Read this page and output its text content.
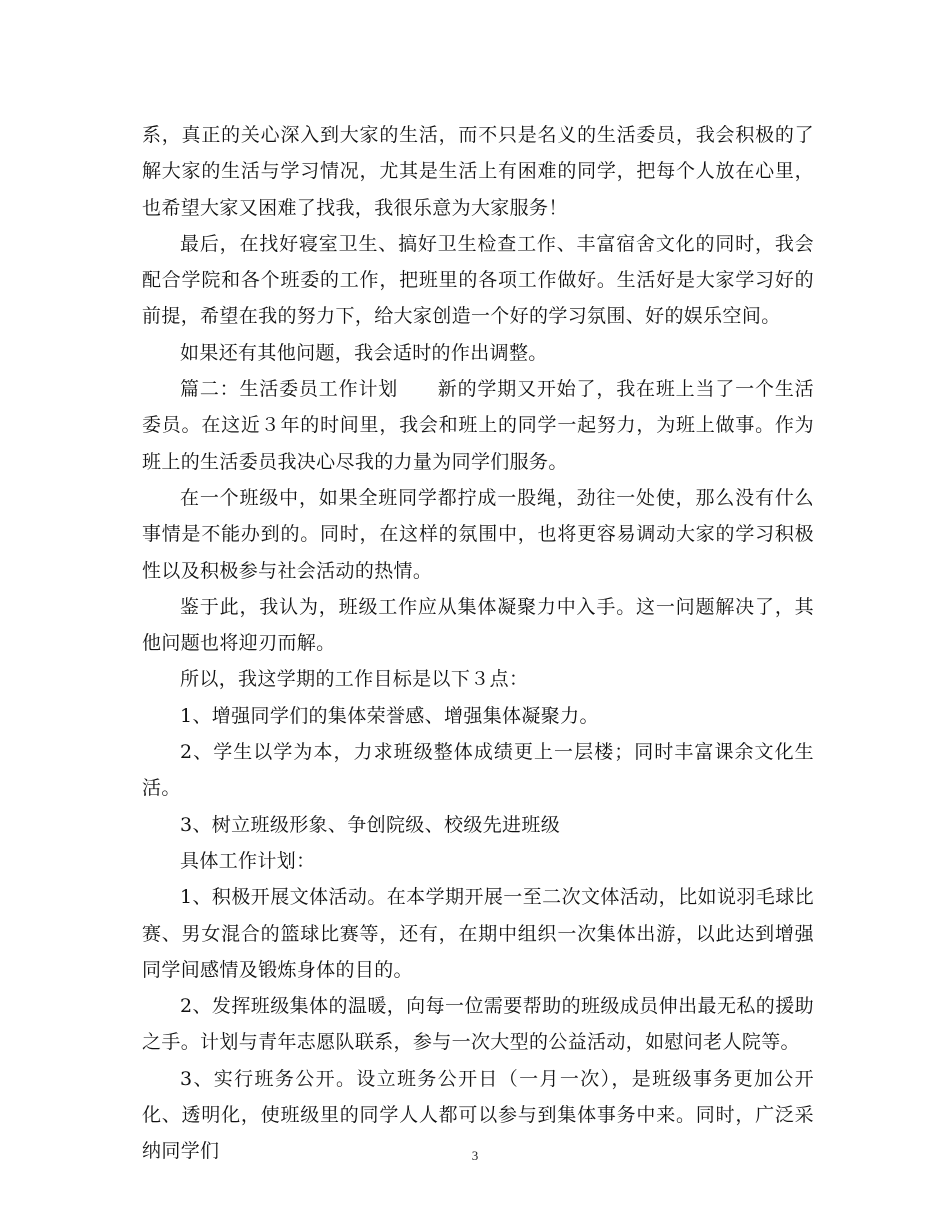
系，真正的关心深入到大家的生活，而不只是名义的生活委员，我会积极的了解大家的生活与学习情况，尤其是生活上有困难的同学，把每个人放在心里，也希望大家又困难了找我，我很乐意为大家服务！

最后，在找好寝室卫生、搞好卫生检查工作、丰富宿舍文化的同时，我会配合学院和各个班委的工作，把班里的各项工作做好。生活好是大家学习好的前提，希望在我的努力下，给大家创造一个好的学习氛围、好的娱乐空间。

如果还有其他问题，我会适时的作出调整。

篇二：生活委员工作计划　　新的学期又开始了，我在班上当了一个生活委员。在这近３年的时间里，我会和班上的同学一起努力，为班上做事。作为班上的生活委员我决心尽我的力量为同学们服务。

在一个班级中，如果全班同学都拧成一股绳，劲往一处使，那么没有什么事情是不能办到的。同时，在这样的氛围中，也将更容易调动大家的学习积极性以及积极参与社会活动的热情。

鉴于此，我认为，班级工作应从集体凝聚力中入手。这一问题解决了，其他问题也将迎刃而解。

所以，我这学期的工作目标是以下３点：

1、增强同学们的集体荣誉感、增强集体凝聚力。

2、学生以学为本，力求班级整体成绩更上一层楼；同时丰富课余文化生活。

3、树立班级形象、争创院级、校级先进班级

具体工作计划：

1、积极开展文体活动。在本学期开展一至二次文体活动，比如说羽毛球比赛、男女混合的篮球比赛等，还有，在期中组织一次集体出游，以此达到增强同学间感情及锻炼身体的目的。

2、发挥班级集体的温暖，向每一位需要帮助的班级成员伸出最无私的援助之手。计划与青年志愿队联系，参与一次大型的公益活动，如慰问老人院等。

3、实行班务公开。设立班务公开日（一月一次），是班级事务更加公开化、透明化，使班级里的同学人人都可以参与到集体事务中来。同时，广泛采纳同学们	3
